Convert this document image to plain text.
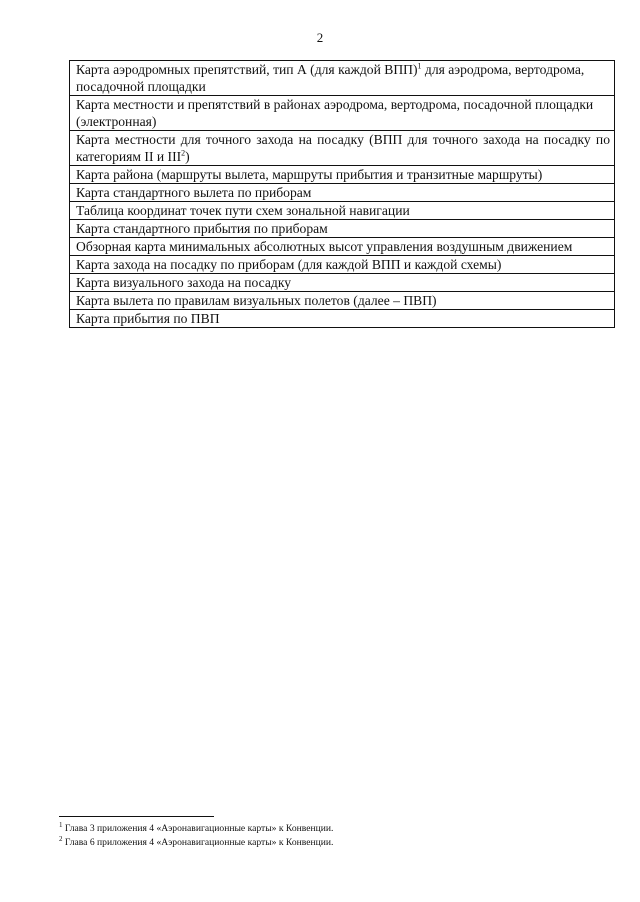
2
Карта аэродромных препятствий, тип А (для каждой ВПП)$^1$ для аэродрома, вертодрома, посадочной площадки
Карта местности и препятствий в районах аэродрома, вертодрома, посадочной площадки (электронная)
Карта местности для точного захода на посадку (ВПП для точного захода на посадку по категориям II и III$^2$)
Карта района (маршруты вылета, маршруты прибытия и транзитные маршруты)
Карта стандартного вылета по приборам
Таблица координат точек пути схем зональной навигации
Карта стандартного прибытия по приборам
Обзорная карта минимальных абсолютных высот управления воздушным движением
Карта захода на посадку по приборам (для каждой ВПП и каждой схемы)
Карта визуального захода на посадку
Карта вылета по правилам визуальных полетов (далее – ПВП)
Карта прибытия по ПВП
$^1$ Глава 3 приложения 4 «Аэронавигационные карты» к Конвенции.
$^2$ Глава 6 приложения 4 «Аэронавигационные карты» к Конвенции.
